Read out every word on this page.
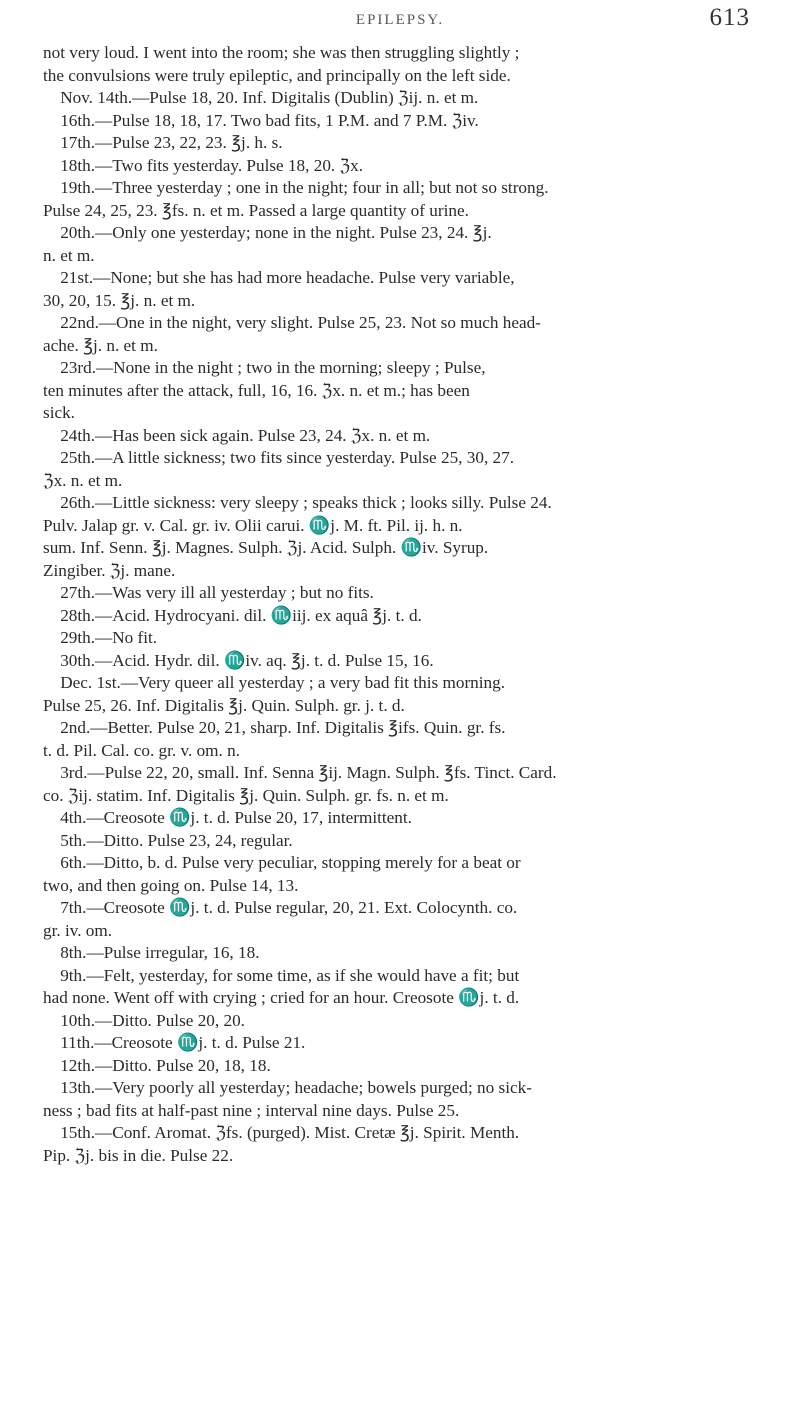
EPILEPSY.	613
not very loud. I went into the room; she was then struggling slightly ;
the convulsions were truly epileptic, and principally on the left side.
Nov. 14th.—Pulse 18, 20. Inf. Digitalis (Dublin) ℨij. n. et m.
16th.—Pulse 18, 18, 17. Two bad fits, 1 P.M. and 7 P.M. ℨiv.
17th.—Pulse 23, 22, 23. ℥j. h. s.
18th.—Two fits yesterday. Pulse 18, 20. ℨx.
19th.—Three yesterday ; one in the night; four in all; but not so strong.
Pulse 24, 25, 23. ℥fs. n. et m. Passed a large quantity of urine.
20th.—Only one yesterday; none in the night. Pulse 23, 24. ℥j.
n. et m.
21st.—None; but she has had more headache. Pulse very variable,
30, 20, 15. ℥j. n. et m.
22nd.—One in the night, very slight. Pulse 25, 23. Not so much head-
ache. ℥j. n. et m.
23rd.—None in the night ; two in the morning; sleepy ; Pulse,
ten minutes after the attack, full, 16, 16. ℨx. n. et m.; has been
sick.
24th.—Has been sick again. Pulse 23, 24. ℨx. n. et m.
25th.—A little sickness; two fits since yesterday. Pulse 25, 30, 27.
ℨx. n. et m.
26th.—Little sickness: very sleepy ; speaks thick ; looks silly. Pulse 24.
Pulv. Jalap gr. v. Cal. gr. iv. Olii carui. ♏j. M. ft. Pil. ij. h. n.
sum. Inf. Senn. ℥j. Magnes. Sulph. ℨj. Acid. Sulph. ♏iv. Syrup.
Zingiber. ℨj. mane.
27th.—Was very ill all yesterday ; but no fits.
28th.—Acid. Hydrocyani. dil. ♏iij. ex aquâ ℥j. t. d.
29th.—No fit.
30th.—Acid. Hydr. dil. ♏iv. aq. ℥j. t. d. Pulse 15, 16.
Dec. 1st.—Very queer all yesterday ; a very bad fit this morning.
Pulse 25, 26. Inf. Digitalis ℥j. Quin. Sulph. gr. j. t. d.
2nd.—Better. Pulse 20, 21, sharp. Inf. Digitalis ℥ifs. Quin. gr. fs.
t. d. Pil. Cal. co. gr. v. om. n.
3rd.—Pulse 22, 20, small. Inf. Senna ℥ij. Magn. Sulph. ℥fs. Tinct. Card.
co. ℨij. statim. Inf. Digitalis ℥j. Quin. Sulph. gr. fs. n. et m.
4th.—Creosote ♏j. t. d. Pulse 20, 17, intermittent.
5th.—Ditto. Pulse 23, 24, regular.
6th.—Ditto, b. d. Pulse very peculiar, stopping merely for a beat or
two, and then going on. Pulse 14, 13.
7th.—Creosote ♏j. t. d. Pulse regular, 20, 21. Ext. Colocynth. co.
gr. iv. om.
8th.—Pulse irregular, 16, 18.
9th.—Felt, yesterday, for some time, as if she would have a fit; but
had none. Went off with crying ; cried for an hour. Creosote ♏j. t. d.
10th.—Ditto. Pulse 20, 20.
11th.—Creosote ♏j. t. d. Pulse 21.
12th.—Ditto. Pulse 20, 18, 18.
13th.—Very poorly all yesterday; headache; bowels purged; no sick-
ness ; bad fits at half-past nine ; interval nine days. Pulse 25.
15th.—Conf. Aromat. ℨfs. (purged). Mist. Cretæ ℥j. Spirit. Menth.
Pip. ℨj. bis in die. Pulse 22.
